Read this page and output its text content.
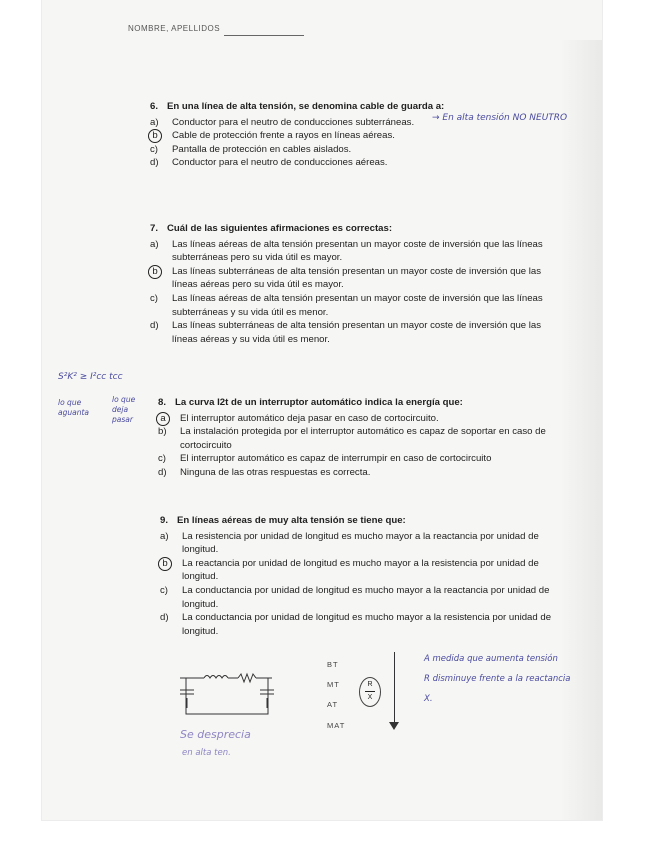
NOMBRE, APELLIDOS
6. En una línea de alta tensión, se denomina cable de guarda a:
a)	Conductor para el neutro de conducciones subterráneas.
b	Cable de protección frente a rayos en líneas aéreas.
c)	Pantalla de protección en cables aislados.
d)	Conductor para el neutro de conducciones aéreas.
→ En alta tensión NO NEUTRO
7. Cuál de las siguientes afirmaciones es correctas:
a)	Las líneas aéreas de alta tensión presentan un mayor coste de inversión que las líneas subterráneas pero su vida útil es mayor.
b	Las líneas subterráneas de alta tensión presentan un mayor coste de inversión que las líneas aéreas pero su vida útil es mayor.
c)	Las líneas aéreas de alta tensión presentan un mayor coste de inversión que las líneas subterráneas y su vida útil es menor.
d)	Las líneas subterráneas de alta tensión presentan un mayor coste de inversión que las líneas aéreas y su vida útil es menor.
8. La curva I2t de un interruptor automático indica la energía que:
a	El interruptor automático deja pasar en caso de cortocircuito.
b)	La instalación protegida por el interruptor automático es capaz de soportar en caso de cortocircuito
c)	El interruptor automático es capaz de interrumpir en caso de cortocircuito
d)	Ninguna de las otras respuestas es correcta.
S²K² ≥ I²cc tcc
lo que
aguanta
lo que
deja
pasar
9. En líneas aéreas de muy alta tensión se tiene que:
a)	La resistencia por unidad de longitud es mucho mayor a la reactancia por unidad de longitud.
b	La reactancia por unidad de longitud es mucho mayor a la resistencia por unidad de longitud.
c)	La conductancia por unidad de longitud es mucho mayor a la reactancia por unidad de longitud.
d)	La conductancia por unidad de longitud es mucho mayor a la resistencia por unidad de longitud.
Se desprecia
en alta ten.
BT
MT
AT
MAT
R
X
A medida que aumenta tensión
R disminuye frente a la reactancia
X.
